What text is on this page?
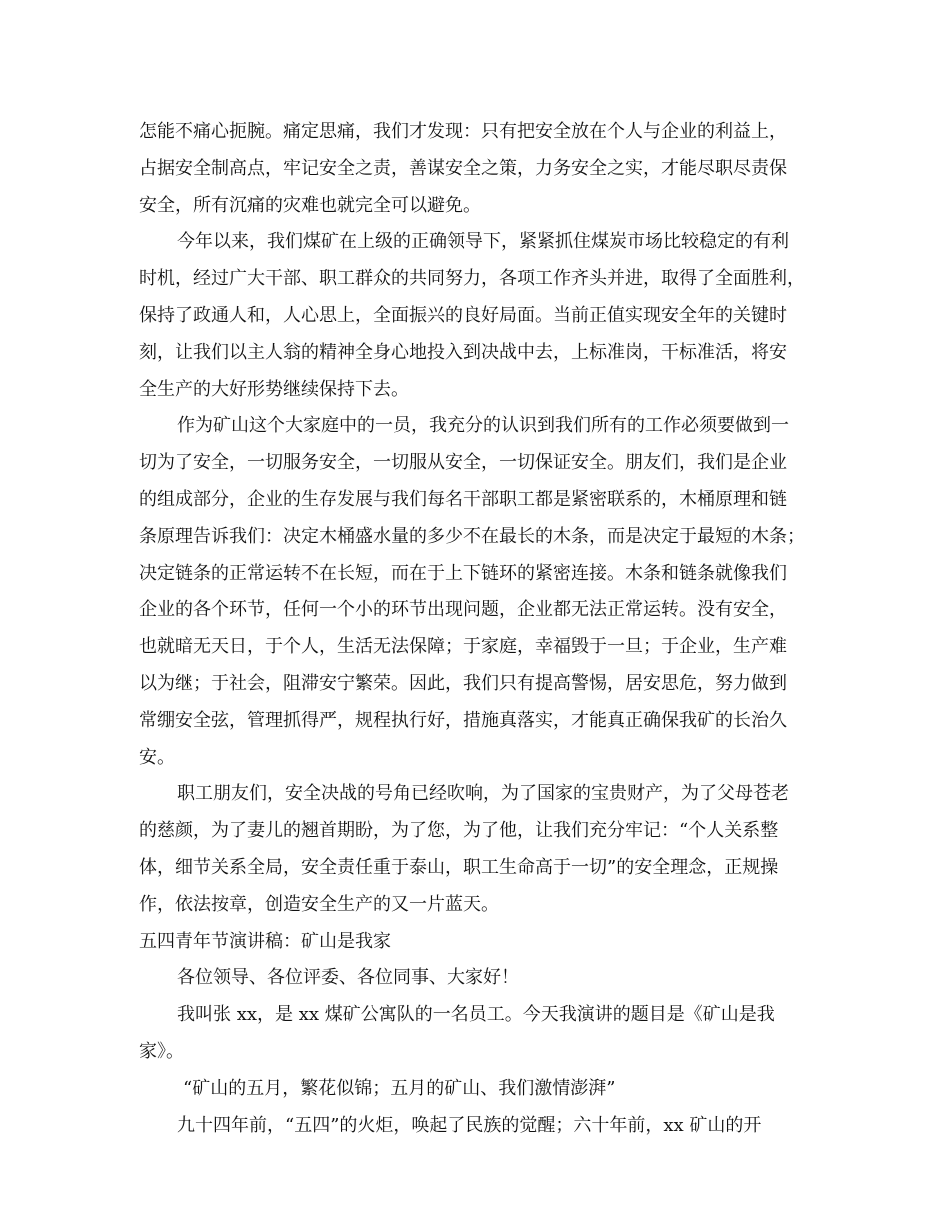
怎能不痛心扼腕。痛定思痛，我们才发现：只有把安全放在个人与企业的利益上，
占据安全制高点，牢记安全之责，善谋安全之策，力务安全之实，才能尽职尽责保
安全，所有沉痛的灾难也就完全可以避免。
今年以来，我们煤矿在上级的正确领导下，紧紧抓住煤炭市场比较稳定的有利
时机，经过广大干部、职工群众的共同努力，各项工作齐头并进，取得了全面胜利，
保持了政通人和，人心思上，全面振兴的良好局面。当前正值实现安全年的关键时
刻，让我们以主人翁的精神全身心地投入到决战中去，上标准岗，干标准活，将安
全生产的大好形势继续保持下去。
作为矿山这个大家庭中的一员，我充分的认识到我们所有的工作必须要做到一
切为了安全，一切服务安全，一切服从安全，一切保证安全。朋友们，我们是企业
的组成部分，企业的生存发展与我们每名干部职工都是紧密联系的，木桶原理和链
条原理告诉我们：决定木桶盛水量的多少不在最长的木条，而是决定于最短的木条；
决定链条的正常运转不在长短，而在于上下链环的紧密连接。木条和链条就像我们
企业的各个环节，任何一个小的环节出现问题，企业都无法正常运转。没有安全，
也就暗无天日，于个人，生活无法保障；于家庭，幸福毁于一旦；于企业，生产难
以为继；于社会，阻滞安宁繁荣。因此，我们只有提高警惕，居安思危，努力做到
常绷安全弦，管理抓得严，规程执行好，措施真落实，才能真正确保我矿的长治久
安。
职工朋友们，安全决战的号角已经吹响，为了国家的宝贵财产，为了父母苍老
的慈颜，为了妻儿的翘首期盼，为了您，为了他，让我们充分牢记：“个人关系整
体，细节关系全局，安全责任重于泰山，职工生命高于一切”的安全理念，正规操
作，依法按章，创造安全生产的又一片蓝天。
五四青年节演讲稿：矿山是我家
各位领导、各位评委、各位同事、大家好！
我叫张 xx，是 xx 煤矿公寓队的一名员工。今天我演讲的题目是《矿山是我
家》。
“矿山的五月，繁花似锦；五月的矿山、我们激情澎湃”
九十四年前，“五四”的火炬，唤起了民族的觉醒；六十年前，xx 矿山的开
